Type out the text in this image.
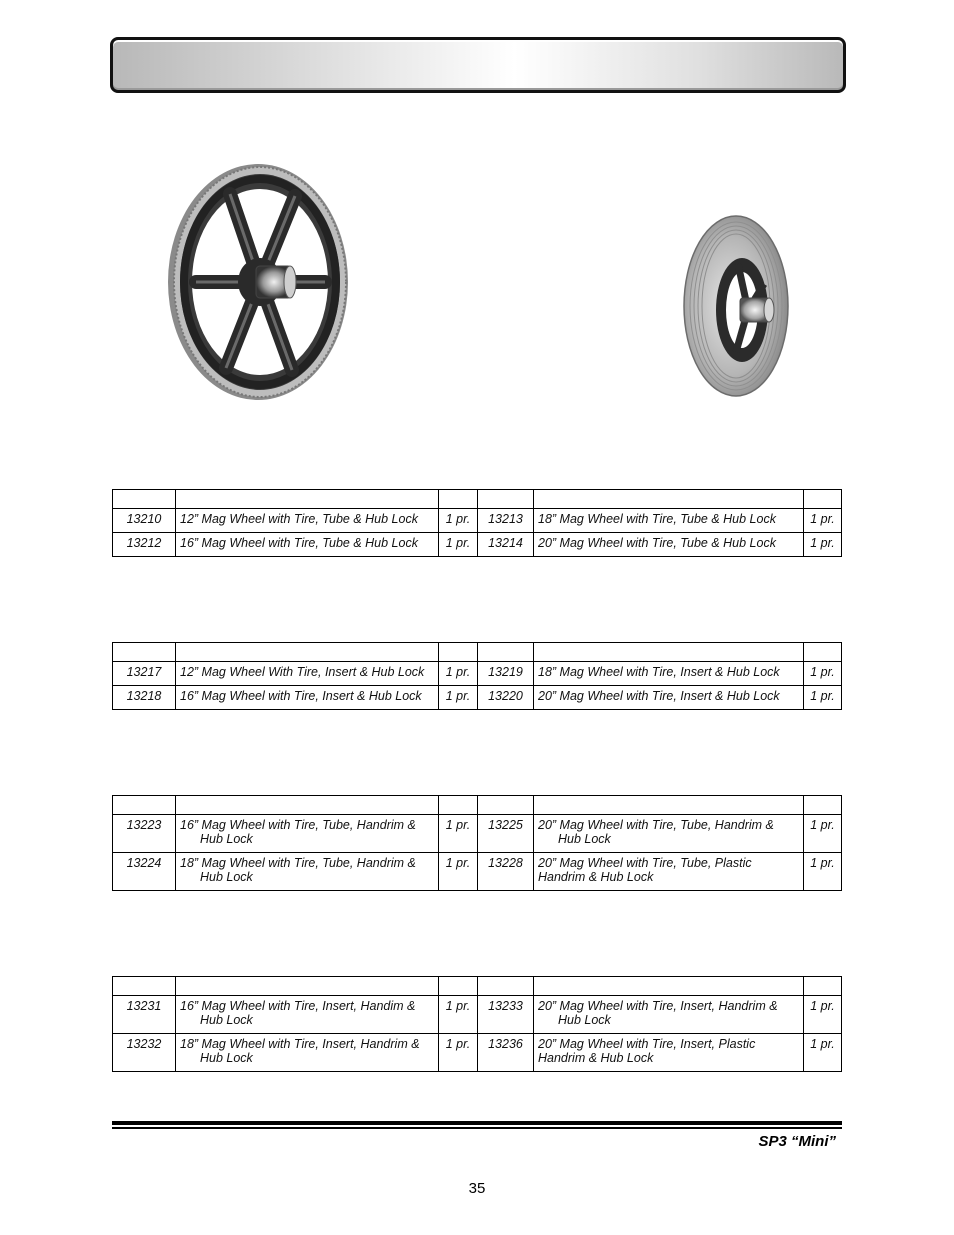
13210	12” Mag Wheel with Tire, Tube & Hub Lock	1 pr.	13213	18” Mag Wheel with Tire, Tube & Hub Lock	1 pr.
13212	16” Mag Wheel with Tire, Tube & Hub Lock	1 pr.	13214	20” Mag Wheel with Tire, Tube & Hub Lock	1 pr.

13217	12” Mag Wheel With Tire, Insert & Hub Lock	1 pr.	13219	18” Mag Wheel with Tire, Insert & Hub Lock	1 pr.
13218	16” Mag Wheel with Tire, Insert & Hub Lock	1 pr.	13220	20” Mag Wheel with Tire, Insert & Hub Lock	1 pr.

13223	16” Mag Wheel with Tire, Tube, Handrim & Hub Lock	1 pr.	13225	20” Mag Wheel with Tire, Tube, Handrim & Hub Lock	1 pr.
13224	18” Mag Wheel with Tire, Tube, Handrim & Hub Lock	1 pr.	13228	20” Mag Wheel with Tire, Tube, Plastic Handrim & Hub Lock	1 pr.

13231	16” Mag Wheel with Tire, Insert, Handim & Hub Lock	1 pr.	13233	20” Mag Wheel with Tire, Insert, Handrim & Hub Lock	1 pr.
13232	18” Mag Wheel with Tire, Insert, Handrim & Hub Lock	1 pr.	13236	20” Mag Wheel with Tire, Insert, Plastic Handrim & Hub Lock	1 pr.
SP3 “Mini”
35
